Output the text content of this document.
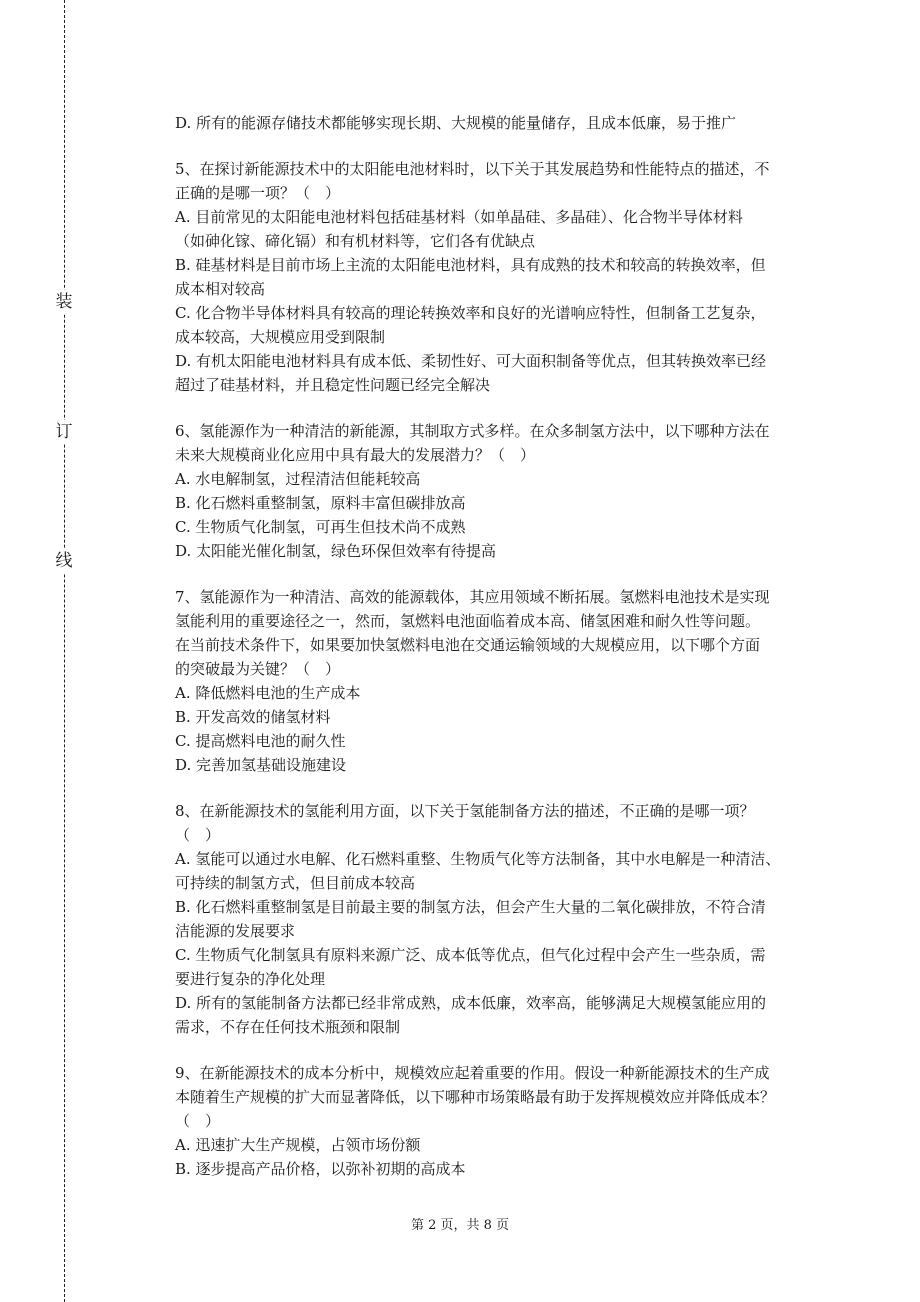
装
订
线
D. 所有的能源存储技术都能够实现长期、大规模的能量储存，且成本低廉，易于推广
5、在探讨新能源技术中的太阳能电池材料时，以下关于其发展趋势和性能特点的描述，不
正确的是哪一项？（　）
A. 目前常见的太阳能电池材料包括硅基材料（如单晶硅、多晶硅）、化合物半导体材料
（如砷化镓、碲化镉）和有机材料等，它们各有优缺点
B. 硅基材料是目前市场上主流的太阳能电池材料，具有成熟的技术和较高的转换效率，但
成本相对较高
C. 化合物半导体材料具有较高的理论转换效率和良好的光谱响应特性，但制备工艺复杂，
成本较高，大规模应用受到限制
D. 有机太阳能电池材料具有成本低、柔韧性好、可大面积制备等优点，但其转换效率已经
超过了硅基材料，并且稳定性问题已经完全解决
6、氢能源作为一种清洁的新能源，其制取方式多样。在众多制氢方法中，以下哪种方法在
未来大规模商业化应用中具有最大的发展潜力？（　）
A. 水电解制氢，过程清洁但能耗较高
B. 化石燃料重整制氢，原料丰富但碳排放高
C. 生物质气化制氢，可再生但技术尚不成熟
D. 太阳能光催化制氢，绿色环保但效率有待提高
7、氢能源作为一种清洁、高效的能源载体，其应用领域不断拓展。氢燃料电池技术是实现
氢能利用的重要途径之一，然而，氢燃料电池面临着成本高、储氢困难和耐久性等问题。
在当前技术条件下，如果要加快氢燃料电池在交通运输领域的大规模应用，以下哪个方面
的突破最为关键？（　）
A. 降低燃料电池的生产成本
B. 开发高效的储氢材料
C. 提高燃料电池的耐久性
D. 完善加氢基础设施建设
8、在新能源技术的氢能利用方面，以下关于氢能制备方法的描述，不正确的是哪一项？
（　）
A. 氢能可以通过水电解、化石燃料重整、生物质气化等方法制备，其中水电解是一种清洁、
可持续的制氢方式，但目前成本较高
B. 化石燃料重整制氢是目前最主要的制氢方法，但会产生大量的二氧化碳排放，不符合清
洁能源的发展要求
C. 生物质气化制氢具有原料来源广泛、成本低等优点，但气化过程中会产生一些杂质，需
要进行复杂的净化处理
D. 所有的氢能制备方法都已经非常成熟，成本低廉，效率高，能够满足大规模氢能应用的
需求，不存在任何技术瓶颈和限制
9、在新能源技术的成本分析中，规模效应起着重要的作用。假设一种新能源技术的生产成
本随着生产规模的扩大而显著降低，以下哪种市场策略最有助于发挥规模效应并降低成本？
（　）
A. 迅速扩大生产规模，占领市场份额
B. 逐步提高产品价格，以弥补初期的高成本
第 2 页，共 8 页
